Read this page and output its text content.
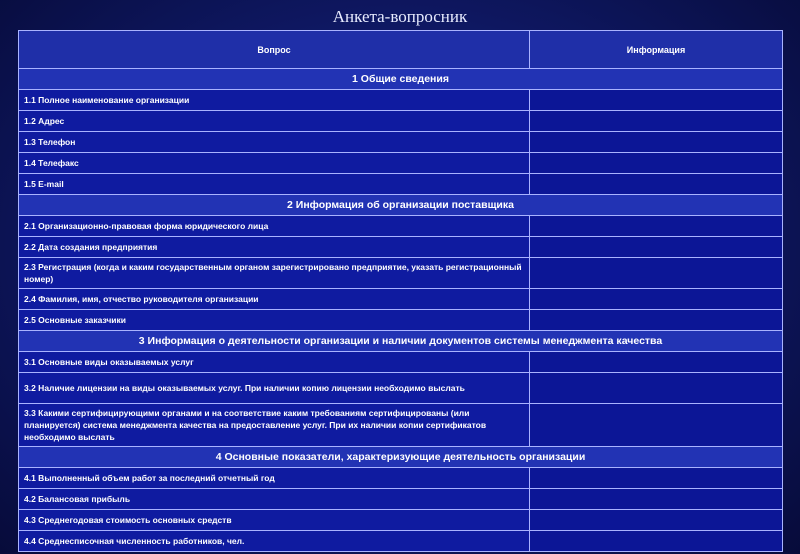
Анкета-вопросник
Вопрос	Информация
1 Общие сведения	
1.1 Полное наименование организации	
1.2 Адрес	
1.3 Телефон	
1.4 Телефакс	
1.5 E-mail	
2 Информация об организации поставщика	
2.1 Организационно-правовая форма юридического лица	
2.2 Дата создания предприятия	
2.3 Регистрация (когда и каким государственным органом зарегистрировано предприятие, указать регистрационный номер)	
2.4 Фамилия, имя, отчество руководителя организации	
2.5 Основные заказчики	
3 Информация о деятельности организации и наличии документов системы менеджмента качества	
3.1 Основные виды оказываемых услуг	
3.2 Наличие лицензии на виды оказываемых услуг. При наличии копию лицензии необходимо выслать	
3.3 Какими сертифицирующими органами и на соответствие каким требованиям сертифицированы (или планируется) система менеджмента качества на предоставление услуг. При их наличии копии сертификатов необходимо выслать	
4 Основные показатели, характеризующие деятельность организации	
4.1 Выполненный объем работ за последний отчетный год	
4.2 Балансовая прибыль	
4.3 Среднегодовая стоимость основных средств	
4.4 Среднесписочная численность работников, чел.	
